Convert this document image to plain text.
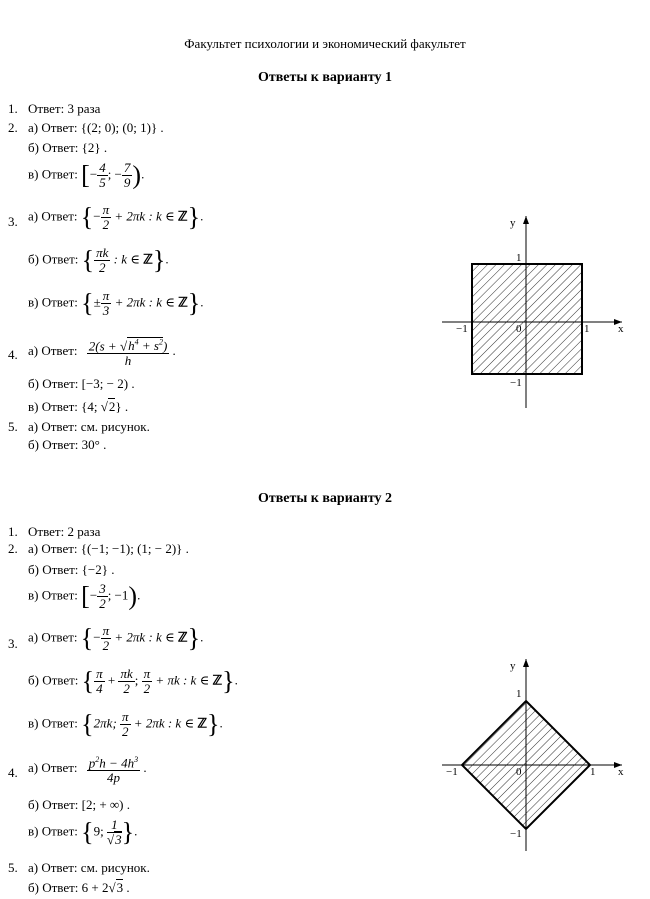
Факультет психологии и экономический факультет
Ответы к варианту 1
1. Ответ: 3 раза
2. а) Ответ: {(2; 0); (0; 1)} .
б) Ответ: {2} .
в) Ответ: [− $\frac{4}{5}$ ; − $\frac{7}{9}$ ).
3. а) Ответ: {− $\frac{\pi}{2} + 2\pi k$ : k ∈ ℤ}.
б) Ответ: { $\frac{\pi k}{2}$ : k ∈ ℤ}.
в) Ответ: {± $\frac{\pi}{3} + 2\pi k$ : k ∈ ℤ}.
4. а) Ответ: $\frac{2(s + √h^4 + s^2)}{h}$ .
б) Ответ: [−3; − 2) .
в) Ответ: {4; √2} .
5. а) Ответ: см. рисунок.
б) Ответ: 30° .
x
y
1
1
−1
−1
0
Ответы к варианту 2
1. Ответ: 2 раза
2. а) Ответ: {(−1; −1); (1; − 2)} .
б) Ответ: {−2} .
в) Ответ: [− $\frac{3}{2}$ ; −1).
3. а) Ответ: {− $\frac{\pi}{2} + 2\pi k$ : k ∈ ℤ}.
б) Ответ: { $\frac{\pi}{4} + \frac{\pi k}{2}$ ; $\frac{\pi}{2} + \pi k$ : k ∈ ℤ}.
в) Ответ: {2πk; $\frac{\pi}{2} + 2\pi k$ : k ∈ ℤ}.
4. а) Ответ: $\frac{p^2h - 4h^3}{4p}$ .
б) Ответ: [2; + ∞) .
в) Ответ: {9; $\frac{1}{√3}$ }.
5. а) Ответ: см. рисунок.
б) Ответ: 6 + 2√3 .
x
y
1
1
−1
−1
0
